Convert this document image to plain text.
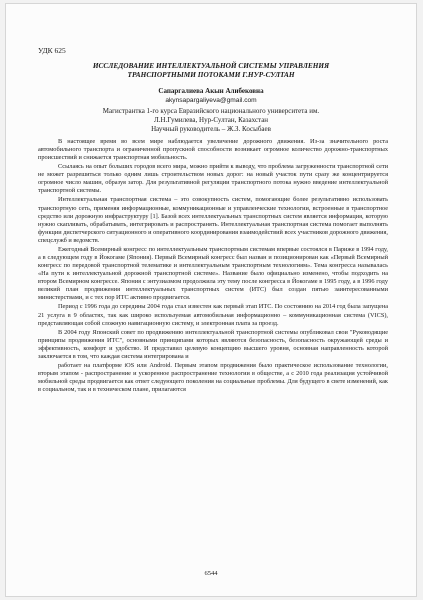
УДК 625
ИССЛЕДОВАНИЕ ИНТЕЛЛЕКТУАЛЬНОЙ СИСТЕМЫ УПРАВЛЕНИЯ
ТРАНСПОРТНЫМИ ПОТОКАМИ Г.НУР-СУЛТАН
Сапаргалиева Акын Алибековна
akynsapargaliyeva@gmail.com
Магистрантка 1-го курса Евразийского национального университета им.
Л.Н.Гумилева, Нур-Султан, Казахстан
Научный руководитель – Ж.З. Косыбаев

В настоящее время во всем мире наблюдается увеличение дорожного движения. Из-за значительного роста автомобильного транспорта и ограниченной пропускной способности возникает огромное количество дорожно-транспортных происшествий и снижается транспортная мобильность.

Ссылаясь на опыт больших городов всего мира, можно прийти к выводу, что проблема загруженности транспортной сети не может разрешиться только одним лишь строительством новых дорог: на новый участок пути сразу же концентрируется огромное число машин, образуя затор. Для результативной регуляции транспортного потока нужно введение интеллектуальной транспортной системы.

Интеллектуальная транспортная система – это совокупность систем, помогающие более результативно использовать транспортную сеть, применяя информационные, коммуникационные и управленческие технологии, встроенные в транспортное средство или дорожную инфраструктуру [1]. Базой всех интеллектуальных транспортных систем является информация, которую нужно скапливать, обрабатывать, интегрировать и распространять. Интеллектуальная транспортная система помогает выполнять функции диспетчерского ситуационного и оперативного координирования взаимодействий всех участников дорожного движения, спецслужб и ведомств.

Ежегодный Всемирный конгресс по интеллектуальным транспортным системам впервые состоялся в Париже в 1994 году, а в следующем году в Йокогаме (Япония). Первый Всемирный конгресс был назван и позиционирован как «Первый Всемирный конгресс по передовой транспортной телематике и интеллектуальным транспортным технологиям». Тема конгресса называлась «На пути к интеллектуальной дорожной транспортной системе». Название было официально изменено, чтобы подходить на втором Всемирном конгрессе. Япония с энтузиазмом продолжила эту тему после конгресса в Йокогаме в 1995 году, а в 1996 году великий план продвижения интеллектуальных транспортных систем (ИТС) был создан пятью заинтересованными министерствами, и с тех пор ИТС активно продвигается.

Период с 1996 года до середины 2004 года стал известен как первый этап ИТС. По состоянию на 2014 год была запущена 21 услуга в 9 областях, так как широко используемая автомобильная информационно – коммуникационная система (VICS), представляющая собой сложную навигационную систему, и электронная плата за проезд.

В 2004 году Японский совет по продвижению интеллектуальной транспортной системы опубликовал свои "Руководящие принципы продвижения ИТС", основными принципами которых являются безопасность, безопасность окружающей среды и эффективность, комфорт и удобство. И представил целевую концепцию высшего уровня, основная направленность которой заключается в том, что каждая система интегрирована и

работает на платформе iOS или Android. Первым этапом продвижения было практическое использование технологии, вторым этапом - распространение и ускоренное распространение технологии в обществе, а с 2010 года реализация устойчивой мобильной среды продвигается как ответ следующего поколения на социальные проблемы. Для будущего в свете изменений, как в социальном, так и в техническом плане, прилагаются

6544
